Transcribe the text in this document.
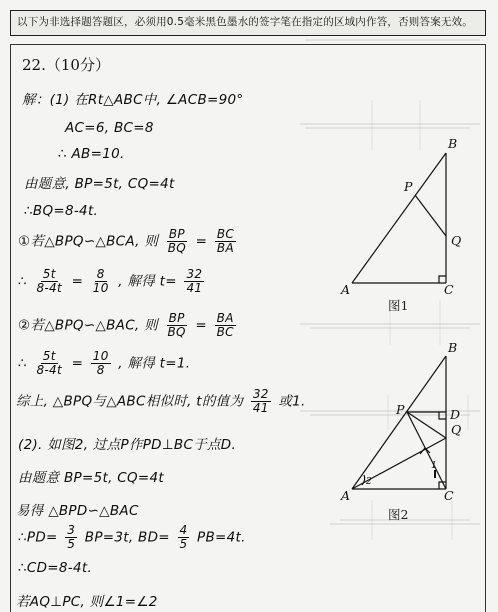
以下为非选择题答题区，必须用0.5毫米黑色墨水的签字笔在指定的区域内作答，否则答案无效。
22.（10分）
解：(1) 在Rt△ABC中, ∠ACB=90°
AC=6, BC=8
∴ AB=10.
由题意, BP=5t, CQ=4t
∴BQ=8-4t.
①若△BPQ∽△BCA, 则 $\frac{BP}{BQ} = \frac{BC}{BA}$
∴ $\frac{5t}{8-4t} = \frac{8}{10}$ , 解得 $t= \frac{32}{41}$
②若△BPQ∽△BAC, 则 $\frac{BP}{BQ} = \frac{BA}{BC}$
∴ $\frac{5t}{8-4t} = \frac{10}{8}$ , 解得 t=1.
综上, △BPQ与△ABC相似时, t的值为 $\frac{32}{41}$ 或1.
(2). 如图2, 过点P作PD⊥BC于点D.
由题意 BP=5t, CQ=4t
易得 △BPD∽△BAC
∴PD= $\frac{3}{5} BP=3t$, $BD= \frac{4}{5} PB=4t$.
∴CD=8-4t.
若AQ⊥PC, 则∠1=∠2
B
P
Q
A	C
图1
B
P	D
Q
A	C
2
1
图2
